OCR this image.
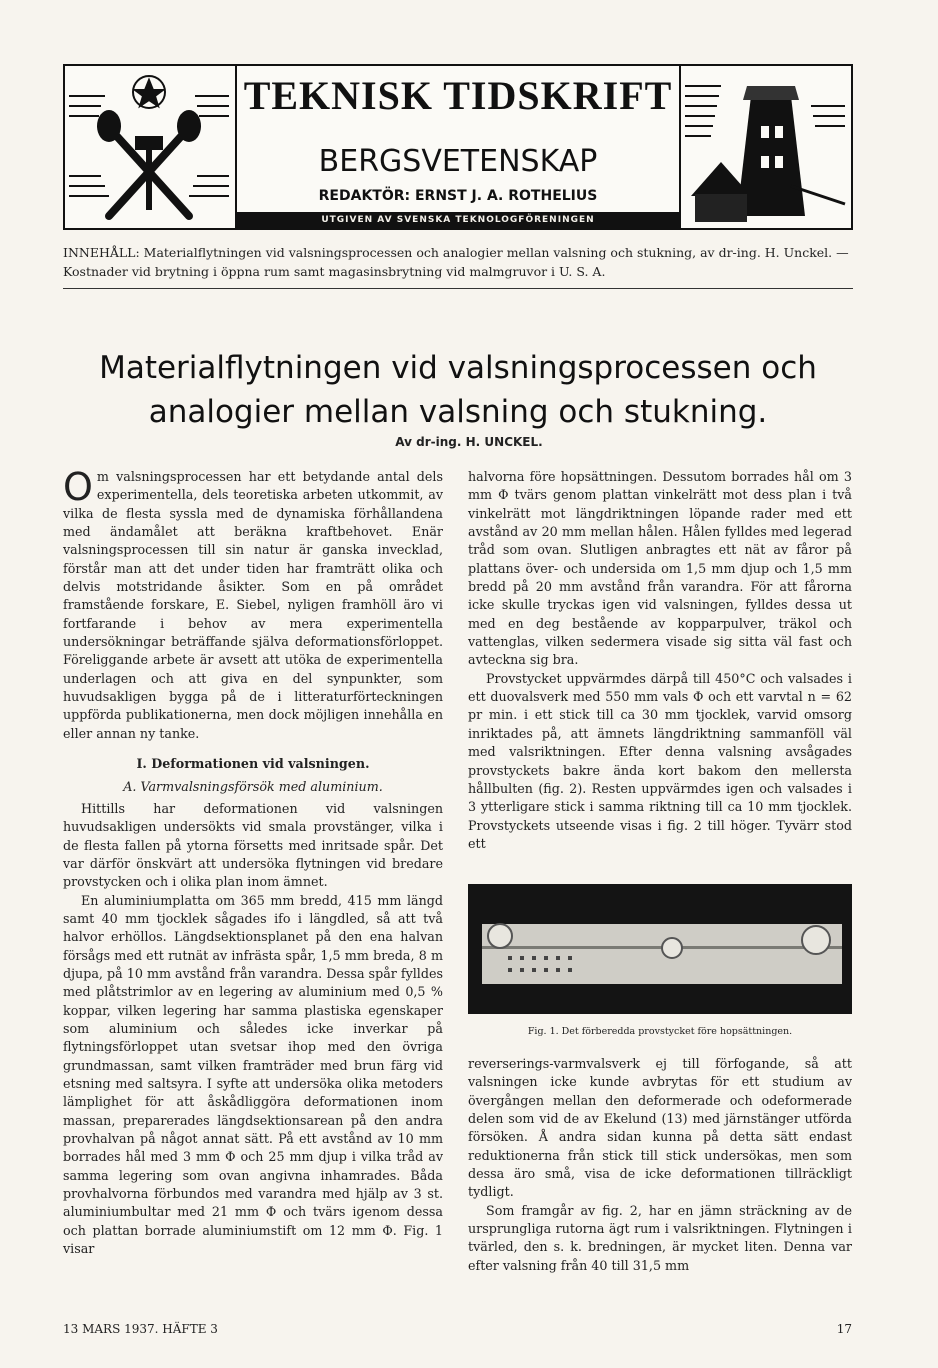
TEKNISK TIDSKRIFT
BERGSVETENSKAP
REDAKTÖR: ERNST J. A. ROTHELIUS
UTGIVEN AV SVENSKA TEKNOLOGFÖRENINGEN
INNEHÅLL: Materialflytningen vid valsningsprocessen och analogier mellan valsning och stukning, av dr-ing. H. Unckel. — Kostnader vid brytning i öppna rum samt magasinsbrytning vid malmgruvor i U. S. A.
Materialflytningen vid valsningsprocessen och
analogier mellan valsning och stukning.
Av dr-ing. H. UNCKEL.

Om valsningsprocessen har ett betydande antal dels experimentella, dels teoretiska arbeten utkommit, av vilka de flesta syssla med de dynamiska förhållandena med ändamålet att beräkna kraftbehovet. Enär valsningsprocessen till sin natur är ganska invecklad, förstår man att det under tiden har framträtt olika och delvis motstridande åsikter. Som en på området framstående forskare, E. Siebel, nyligen framhöll äro vi fortfarande i behov av mera experimentella undersökningar beträffande själva deformationsförloppet. Föreliggande arbete är avsett att utöka de experimentella underlagen och att giva en del synpunkter, som huvudsakligen bygga på de i litteraturförteckningen uppförda publikationerna, men dock möjligen innehålla en eller annan ny tanke.

I. Deformationen vid valsningen.

A. Varmvalsningsförsök med aluminium.

Hittills har deformationen vid valsningen huvudsakligen undersökts vid smala provstänger, vilka i de flesta fallen på ytorna försetts med inritsade spår. Det var därför önskvärt att undersöka flytningen vid bredare provstycken och i olika plan inom ämnet.

En aluminiumplatta om 365 mm bredd, 415 mm längd samt 40 mm tjocklek sågades ifo i längdled, så att två halvor erhöllos. Längdsektionsplanet på den ena halvan försågs med ett rutnät av infrästa spår, 1,5 mm breda, 8 m djupa, på 10 mm avstånd från varandra. Dessa spår fylldes med plåtstrimlor av en legering av aluminium med 0,5 % koppar, vilken legering har samma plastiska egenskaper som aluminium och således icke inverkar på flytningsförloppet utan svetsar ihop med den övriga grundmassan, samt vilken framträder med brun färg vid etsning med saltsyra. I syfte att undersöka olika metoders lämplighet för att åskådliggöra deformationen inom massan, preparerades längdsektionsarean på den andra provhalvan på något annat sätt. På ett avstånd av 10 mm borrades hål med 3 mm Φ och 25 mm djup i vilka tråd av samma legering som ovan angivna inhamrades. Båda provhalvorna förbundos med varandra med hjälp av 3 st. aluminiumbultar med 21 mm Φ och tvärs igenom dessa och plattan borrade aluminiumstift om 12 mm Φ. Fig. 1 visar

halvorna före hopsättningen. Dessutom borrades hål om 3 mm Φ tvärs genom plattan vinkelrätt mot dess plan i två vinkelrätt mot längdriktningen löpande rader med ett avstånd av 20 mm mellan hålen. Hålen fylldes med legerad tråd som ovan. Slutligen anbragtes ett nät av fåror på plattans över- och undersida om 1,5 mm djup och 1,5 mm bredd på 20 mm avstånd från varandra. För att fårorna icke skulle tryckas igen vid valsningen, fylldes dessa ut med en deg bestående av kopparpulver, träkol och vattenglas, vilken sedermera visade sig sitta väl fast och avteckna sig bra.

Provstycket uppvärmdes därpå till 450°C och valsades i ett duovalsverk med 550 mm vals Φ och ett varvtal n = 62 pr min. i ett stick till ca 30 mm tjocklek, varvid omsorg inriktades på, att ämnets längdriktning sammanföll väl med valsriktningen. Efter denna valsning avsågades provstyckets bakre ända kort bakom den mellersta hållbulten (fig. 2). Resten uppvärmdes igen och valsades i 3 ytterligare stick i samma riktning till ca 10 mm tjocklek. Provstyckets utseende visas i fig. 2 till höger. Tyvärr stod ett

Fig. 1. Det förberedda provstycket före hopsättningen.

reverserings-varmvalsverk ej till förfogande, så att valsningen icke kunde avbrytas för ett studium av övergången mellan den deformerade och odeformerade delen som vid de av Ekelund (13) med järnstänger utförda försöken. Å andra sidan kunna på detta sätt endast reduktionerna från stick till stick undersökas, men som dessa äro små, visa de icke deformationen tillräckligt tydligt.

Som framgår av fig. 2, har en jämn sträckning av de ursprungliga rutorna ägt rum i valsriktningen. Flytningen i tvärled, den s. k. bredningen, är mycket liten. Denna var efter valsning från 40 till 31,5 mm

13 MARS 1937. HÄFTE 3	17
